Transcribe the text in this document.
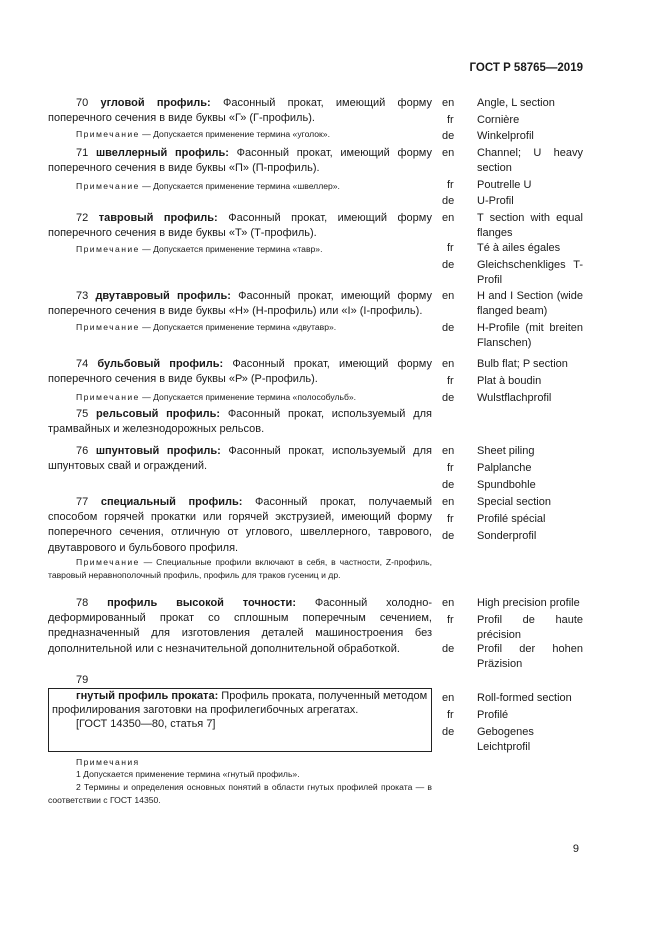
ГОСТ Р 58765—2019
70 угловой профиль: Фасонный прокат, имеющий форму поперечного сечения в виде буквы «Г» (Г-профиль).
Примечание — Допускается применение термина «уголок».
en Angle, L section
fr Cornière
de Winkelprofil
71 швеллерный профиль: Фасонный прокат, имеющий форму поперечного сечения в виде буквы «П» (П-профиль).
Примечание — Допускается применение термина «швеллер».
en Channel; U heavy section
fr Poutrelle U
de U-Profil
72 тавровый профиль: Фасонный прокат, имеющий форму поперечного сечения в виде буквы «Т» (Т-профиль).
Примечание — Допускается применение термина «тавр».
en T section with equal flanges
fr Té à ailes égales
de Gleichschenkliges T-Profil
73 двутавровый профиль: Фасонный прокат, имеющий форму поперечного сечения в виде буквы «Н» (Н-профиль) или «I» (I-профиль).
Примечание — Допускается применение термина «двутавр».
en H and I Section (wide flanged beam)
de H-Profile (mit breiten Flanschen)
74 бульбовый профиль: Фасонный прокат, имеющий форму поперечного сечения в виде буквы «Р» (Р-профиль).
Примечание — Допускается применение термина «полособульб».
en Bulb flat; P section
fr Plat à boudin
de Wulstflachprofil
75 рельсовый профиль: Фасонный прокат, используемый для трамвайных и железнодорожных рельсов.
76 шпунтовый профиль: Фасонный прокат, используемый для шпунтовых свай и ограждений.
en Sheet piling
fr Palplanche
de Spundbohle
77 специальный профиль: Фасонный прокат, получаемый способом горячей прокатки или горячей экструзией, имеющий форму поперечного сечения, отличную от углового, швеллерного, таврового, двутаврового и бульбового профиля.
Примечание — Специальные профили включают в себя, в частности, Z-профиль, тавровый неравнополочный профиль, профиль для траков гусениц и др.
en Special section
fr Profilé spécial
de Sonderprofil
78 профиль высокой точности: Фасонный холодно-деформированный прокат со сплошным поперечным сечением, предназначенный для изготовления деталей машиностроения без дополнительной или с незначительной дополнительной обработкой.
en High precision profile
fr Profil de haute précision
de Profil der hohen Präzision
79

гнутый профиль проката: Профиль проката, полученный методом профилирования заготовки на профилегибочных агрегатах.

[ГОСТ 14350—80, статья 7]

Примечания
1 Допускается применение термина «гнутый профиль».
2 Термины и определения основных понятий в области гнутых профилей проката — в соответствии с ГОСТ 14350.
en Roll-formed section
fr Profilé
de Gebogenes Leichtprofil
9
